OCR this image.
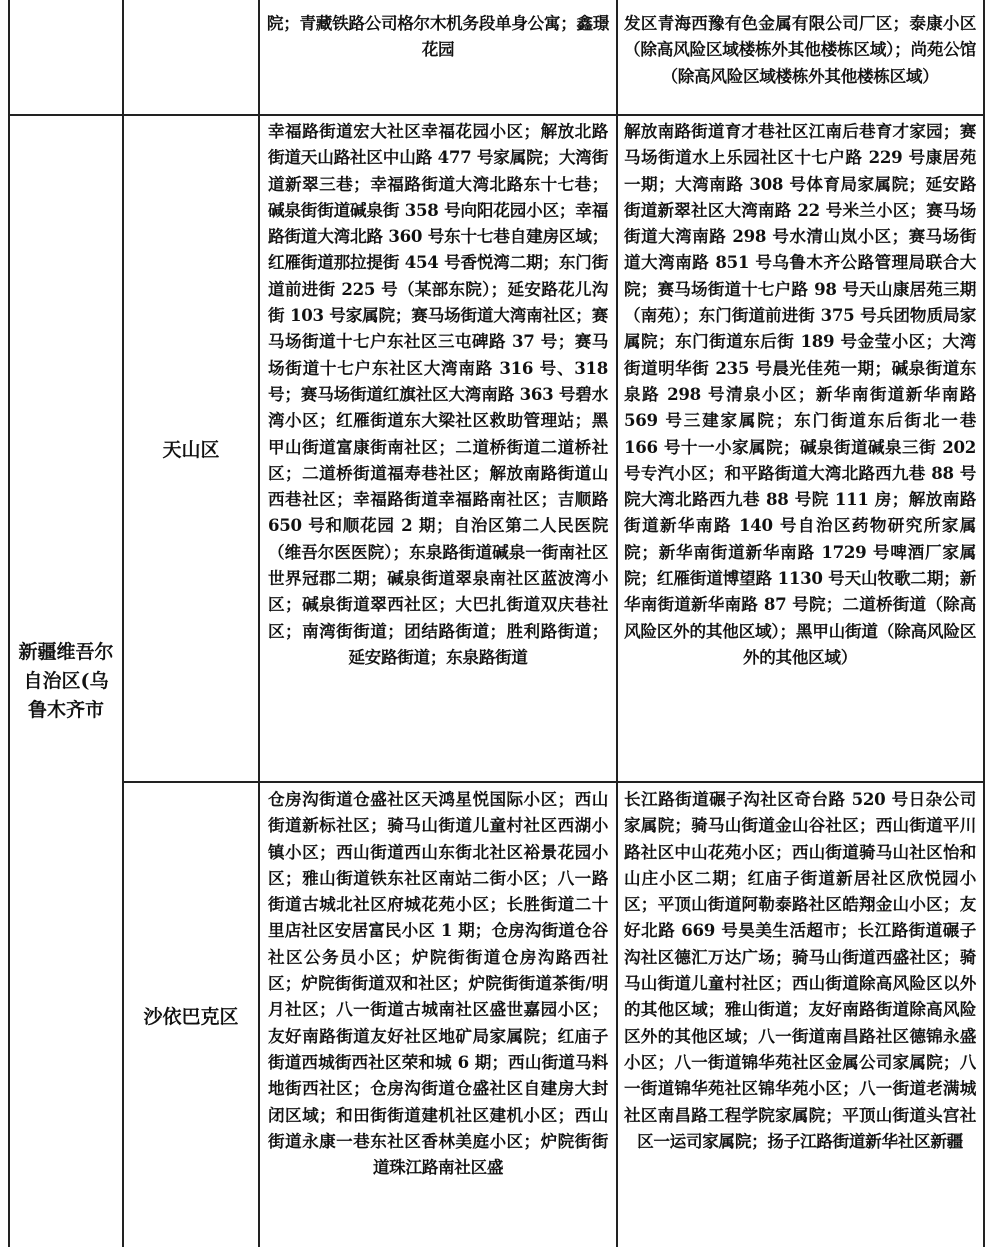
院；青藏铁路公司格尔木机务段单身公寓；鑫璟花园
发区青海西豫有色金属有限公司厂区；泰康小区（除高风险区域楼栋外其他楼栋区域）；尚苑公馆（除高风险区域楼栋外其他楼栋区域）
新疆维吾尔自治区(乌鲁木齐市
天山区
幸福路街道宏大社区幸福花园小区；解放北路街道天山路社区中山路 477 号家属院；大湾街道新翠三巷；幸福路街道大湾北路东十七巷；碱泉街街道碱泉街 358 号向阳花园小区；幸福路街道大湾北路 360 号东十七巷自建房区域；红雁街道那拉提街 454 号香悦湾二期；东门街道前进街 225 号（某部东院）；延安路花儿沟街 103 号家属院；赛马场街道大湾南社区；赛马场街道十七户东社区三屯碑路 37 号；赛马场街道十七户东社区大湾南路 316 号、318 号；赛马场街道红旗社区大湾南路 363 号碧水湾小区；红雁街道东大梁社区救助管理站；黑甲山街道富康街南社区；二道桥街道二道桥社区；二道桥街道福寿巷社区；解放南路街道山西巷社区；幸福路街道幸福路南社区；吉顺路 650 号和顺花园 2 期；自治区第二人民医院（维吾尔医医院）；东泉路街道碱泉一街南社区世界冠郡二期；碱泉街道翠泉南社区蓝波湾小区；碱泉街道翠西社区；大巴扎街道双庆巷社区；南湾街街道；团结路街道；胜利路街道；延安路街道；东泉路街道
解放南路街道育才巷社区江南后巷育才家园；赛马场街道水上乐园社区十七户路 229 号康居苑一期；大湾南路 308 号体育局家属院；延安路街道新翠社区大湾南路 22 号米兰小区；赛马场街道大湾南路 298 号水清山岚小区；赛马场街道大湾南路 851 号乌鲁木齐公路管理局联合大院；赛马场街道十七户路 98 号天山康居苑三期（南苑）；东门街道前进街 375 号兵团物质局家属院；东门街道东后街 189 号金莹小区；大湾街道明华街 235 号晨光佳苑一期；碱泉街道东泉路 298 号清泉小区；新华南街道新华南路 569 号三建家属院；东门街道东后街北一巷 166 号十一小家属院；碱泉街道碱泉三街 202 号专汽小区；和平路街道大湾北路西九巷 88 号院大湾北路西九巷 88 号院 111 房；解放南路街道新华南路 140 号自治区药物研究所家属院；新华南街道新华南路 1729 号啤酒厂家属院；红雁街道博望路 1130 号天山牧歌二期；新华南街道新华南路 87 号院；二道桥街道（除高风险区外的其他区域）；黑甲山街道（除高风险区外的其他区域）
沙依巴克区
仓房沟街道仓盛社区天鸿星悦国际小区；西山街道新标社区；骑马山街道儿童村社区西湖小镇小区；西山街道西山东街北社区裕景花园小区；雅山街道铁东社区南站二街小区；八一路街道古城北社区府城花苑小区；长胜街道二十里店社区安居富民小区 1 期；仓房沟街道仓谷社区公务员小区；炉院街街道仓房沟路西社区；炉院街街道双和社区；炉院街街道茶街/明月社区；八一街道古城南社区盛世嘉园小区；友好南路街道友好社区地矿局家属院；红庙子街道西城街西社区荣和城 6 期；西山街道马料地街西社区；仓房沟街道仓盛社区自建房大封闭区域；和田街街道建机社区建机小区；西山街道永康一巷东社区香林美庭小区；炉院街街道珠江路南社区盛
长江路街道碾子沟社区奇台路 520 号日杂公司家属院；骑马山街道金山谷社区；西山街道平川路社区中山花苑小区；西山街道骑马山社区怡和山庄小区二期；红庙子街道新居社区欣悦园小区；平顶山街道阿勒泰路社区皓翔金山小区；友好北路 669 号昊美生活超市；长江路街道碾子沟社区德汇万达广场；骑马山街道西盛社区；骑马山街道儿童村社区；西山街道除高风险区以外的其他区域；雅山街道；友好南路街道除高风险区外的其他区域；八一街道南昌路社区德锦永盛小区；八一街道锦华苑社区金属公司家属院；八一街道锦华苑社区锦华苑小区；八一街道老满城社区南昌路工程学院家属院；平顶山街道头宫社区一运司家属院；扬子江路街道新华社区新疆
